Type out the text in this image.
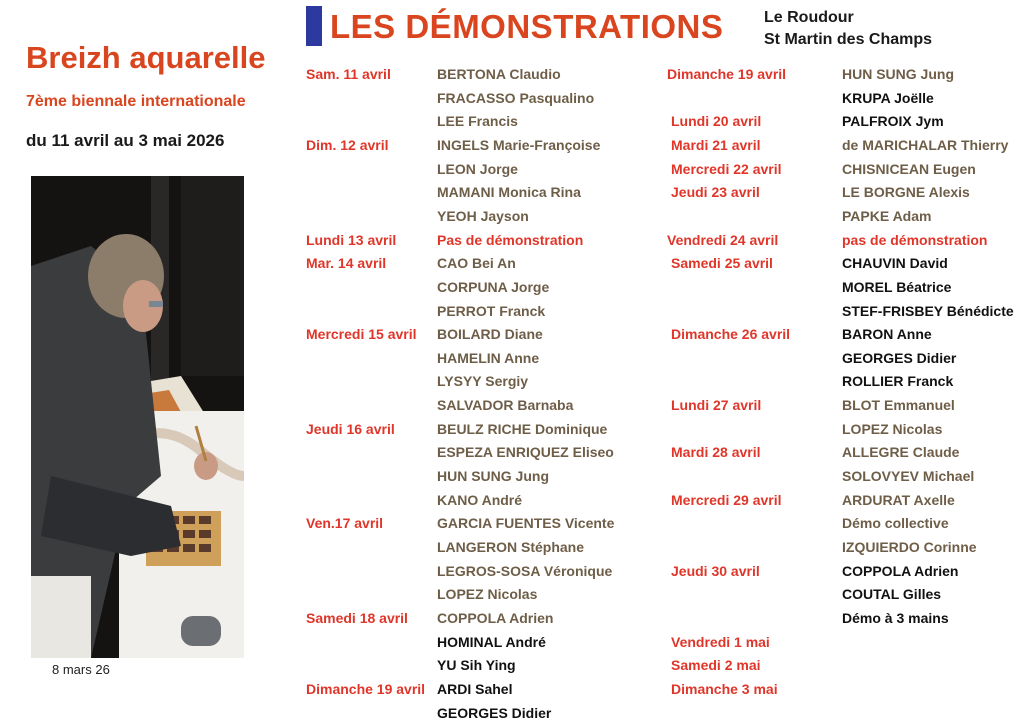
Breizh aquarelle
7ème biennale internationale
du 11 avril au 3 mai 2026
8 mars 26
LES DÉMONSTRATIONS	Le Roudour
St Martin des Champs
Sam. 11 avril
Dim. 12 avril
Lundi 13 avril
Mar. 14 avril
Mercredi 15 avril
Jeudi 16 avril
Ven.17 avril
Samedi 18 avril
Dimanche 19 avril
BERTONA Claudio
FRACASSO Pasqualino
LEE Francis
INGELS Marie-Françoise
LEON Jorge
MAMANI Monica Rina
YEOH Jayson
Pas de démonstration
CAO Bei An
CORPUNA Jorge
PERROT Franck
BOILARD Diane
HAMELIN Anne
LYSYY Sergiy
SALVADOR Barnaba
BEULZ RICHE Dominique
ESPEZA ENRIQUEZ Eliseo
HUN SUNG Jung
KANO André
GARCIA FUENTES Vicente
LANGERON Stéphane
LEGROS-SOSA Véronique
LOPEZ Nicolas
COPPOLA Adrien
HOMINAL André
YU Sih Ying
ARDI Sahel
GEORGES Didier
Dimanche 19 avril
Lundi 20 avril
Mardi 21 avril
Mercredi 22 avril
Jeudi 23 avril
Vendredi 24 avril
Samedi 25 avril
Dimanche 26 avril
Lundi 27 avril
Mardi 28 avril
Mercredi 29 avril
Jeudi 30 avril
Vendredi 1 mai
Samedi 2 mai
Dimanche 3 mai
HUN SUNG Jung
KRUPA Joëlle
PALFROIX Jym
de MARICHALAR Thierry
CHISNICEAN Eugen
LE BORGNE Alexis
PAPKE Adam
pas de démonstration
CHAUVIN David
MOREL Béatrice
STEF-FRISBEY Bénédicte
BARON Anne
GEORGES Didier
ROLLIER Franck
BLOT Emmanuel
LOPEZ Nicolas
ALLEGRE Claude
SOLOVYEV Michael
ARDURAT Axelle
Démo collective
IZQUIERDO Corinne
COPPOLA Adrien
COUTAL Gilles
Démo à 3 mains
